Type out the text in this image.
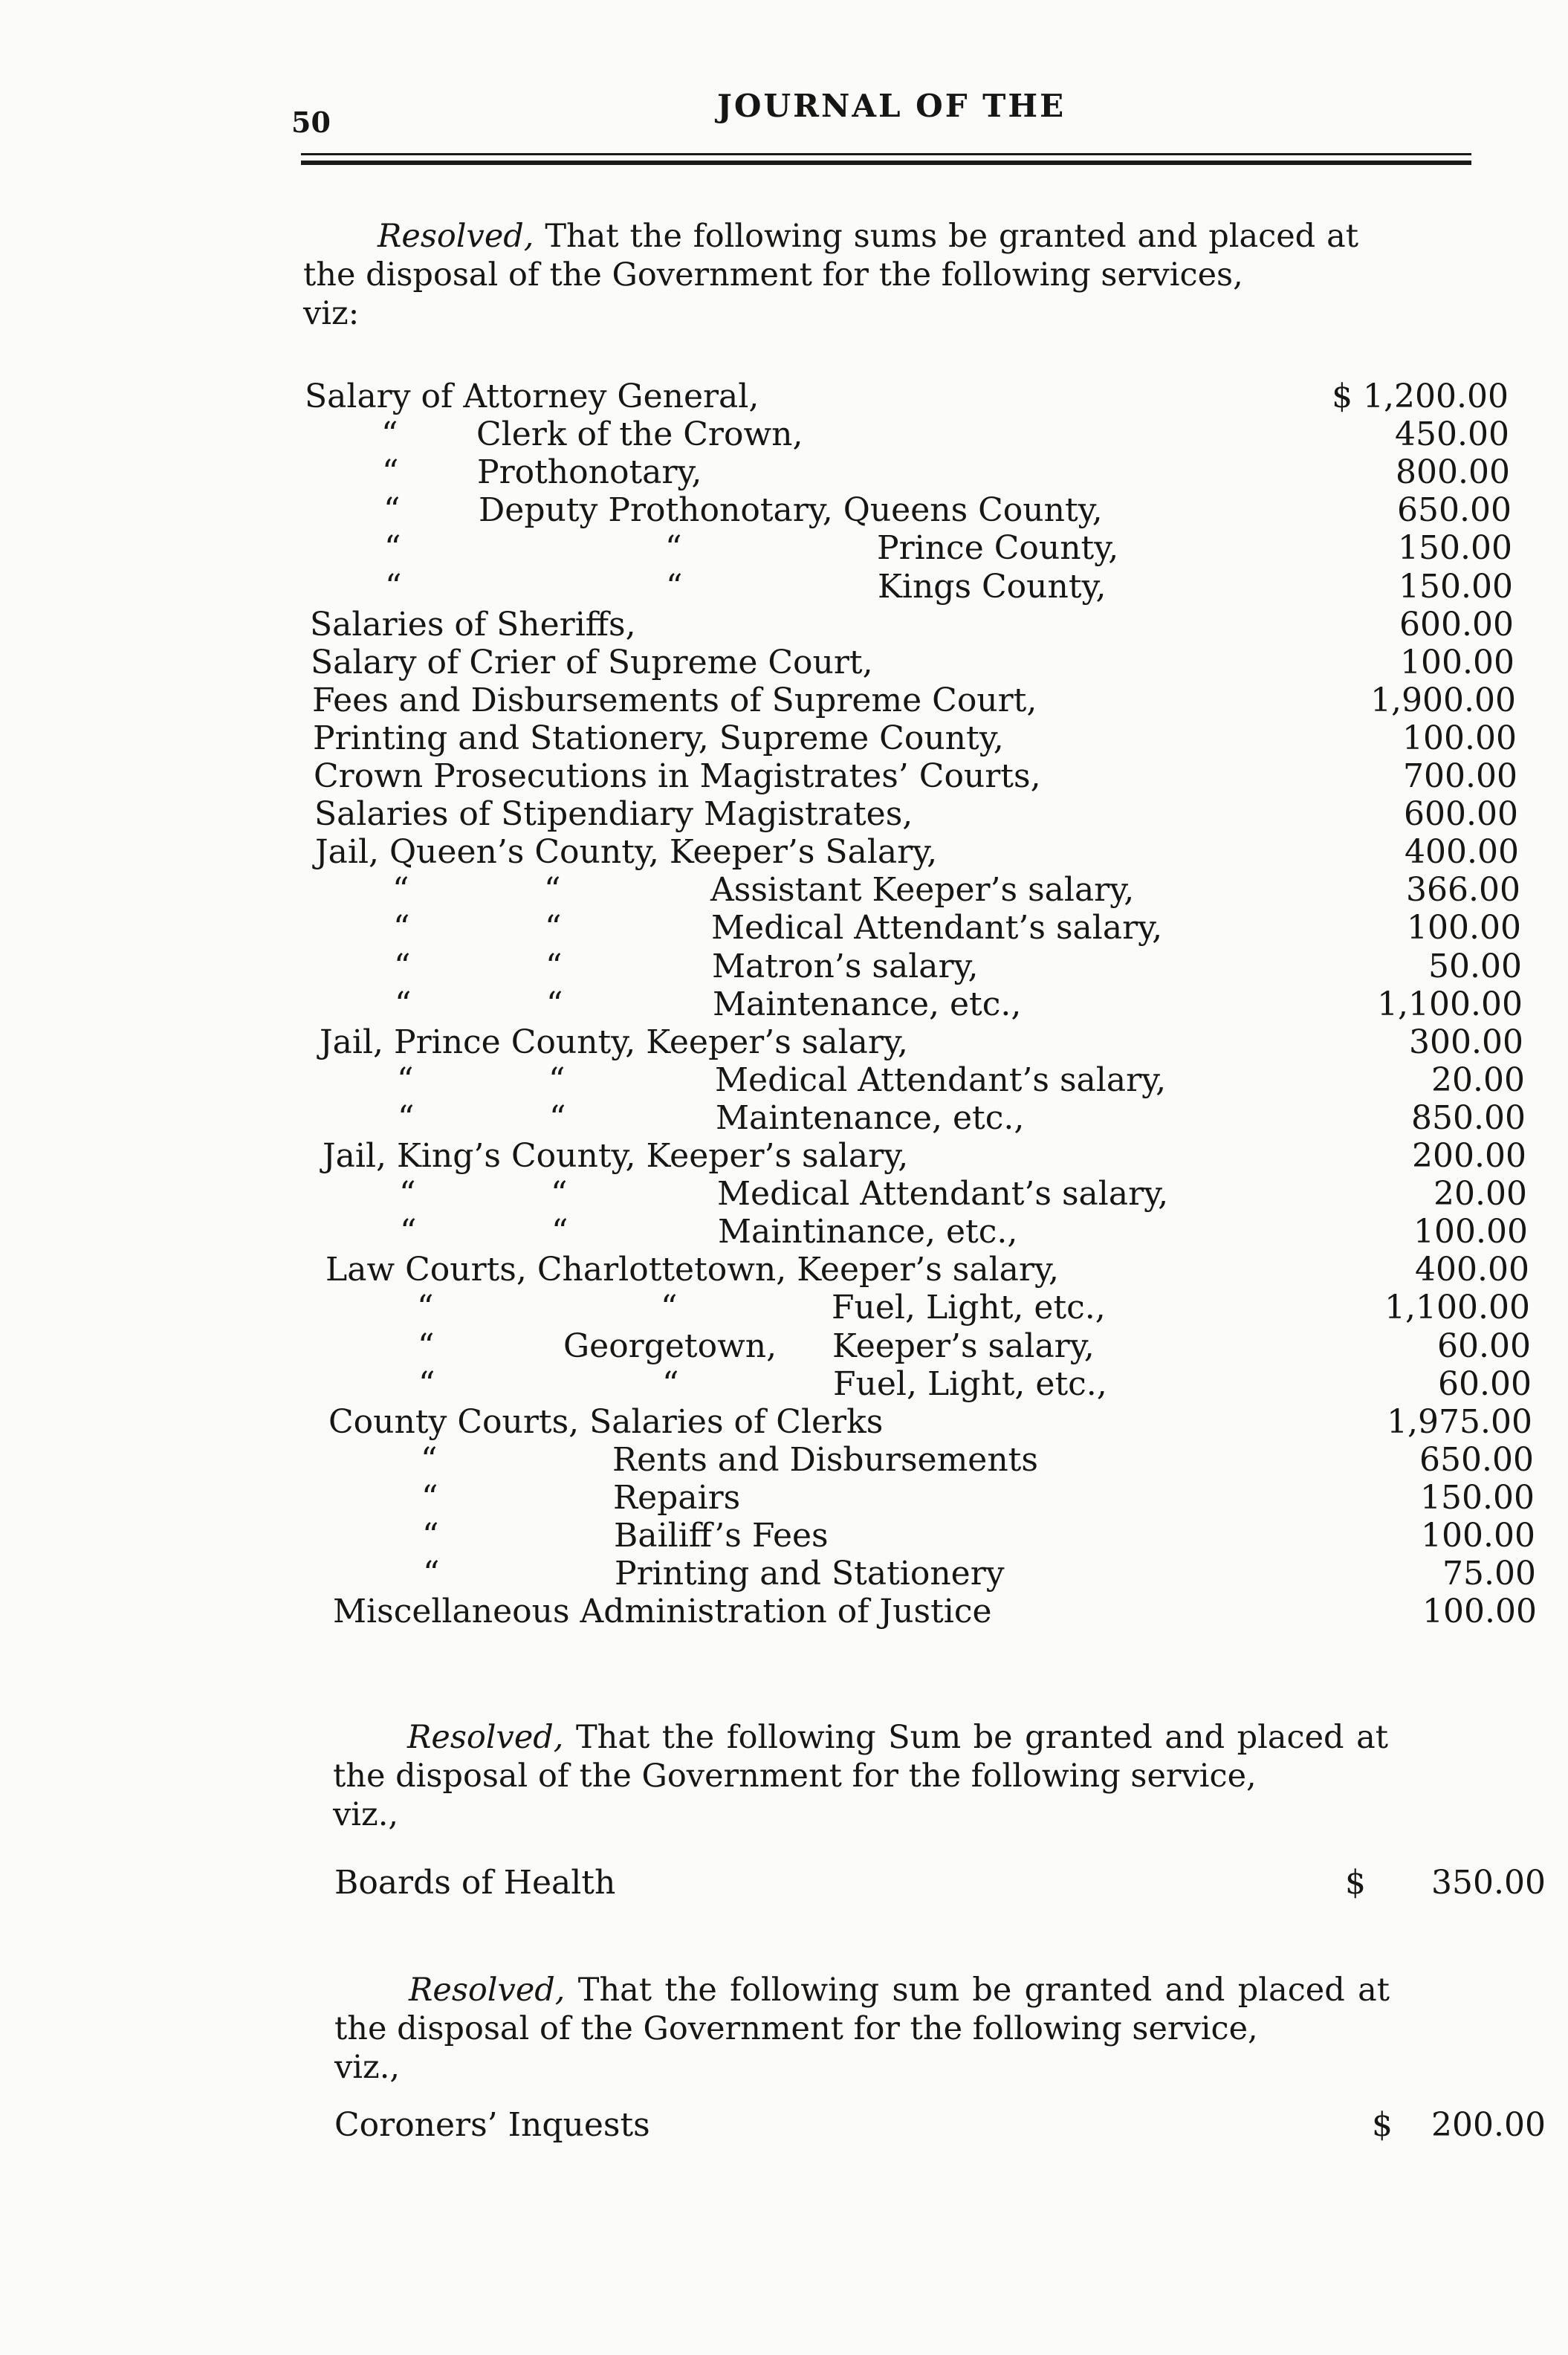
50	JOURNAL OF THE
Resolved, That the following sums be granted and placed at the disposal of the Government for the following services,
viz:
Salary of Attorney General,	$ 1,200.00
“ Clerk of the Crown,	450.00
“ Prothonotary,	800.00
“ Deputy Prothonotary, Queens County,	650.00
“	“	Prince County,	150.00
“	“	Kings County,	150.00
Salaries of Sheriffs,	600.00
Salary of Crier of Supreme Court,	100.00
Fees and Disbursements of Supreme Court,	1,900.00
Printing and Stationery, Supreme County,	100.00
Crown Prosecutions in Magistrates’ Courts,	700.00
Salaries of Stipendiary Magistrates,	600.00
Jail, Queen’s County, Keeper’s Salary,	400.00
“	“	Assistant Keeper’s salary,	366.00
“	“	Medical Attendant’s salary,	100.00
“	“	Matron’s salary,	50.00
“	“	Maintenance, etc.,	1,100.00
Jail, Prince County, Keeper’s salary,	300.00
“	“	Medical Attendant’s salary,	20.00
“	“	Maintenance, etc.,	850.00
Jail, King’s County, Keeper’s salary,	200.00
“	“	Medical Attendant’s salary,	20.00
“	“	Maintinance, etc.,	100.00
Law Courts, Charlottetown, Keeper’s salary,	400.00
“	“	Fuel, Light, etc.,	1,100.00
“	Georgetown, Keeper’s salary,	60.00
“	“	Fuel, Light, etc.,	60.00
County Courts, Salaries of Clerks	1,975.00
“	Rents and Disbursements	650.00
“	Repairs	150.00
“	Bailiff’s Fees	100.00
“	Printing and Stationery	75.00
Miscellaneous Administration of Justice	100.00
Resolved, That the following Sum be granted and placed at the disposal of the Government for the following service,
viz.,
Boards of Health	$ 350.00
Resolved, That the following sum be granted and placed at the disposal of the Government for the following service,
viz.,
Coroners’ Inquests	$ 200.00
